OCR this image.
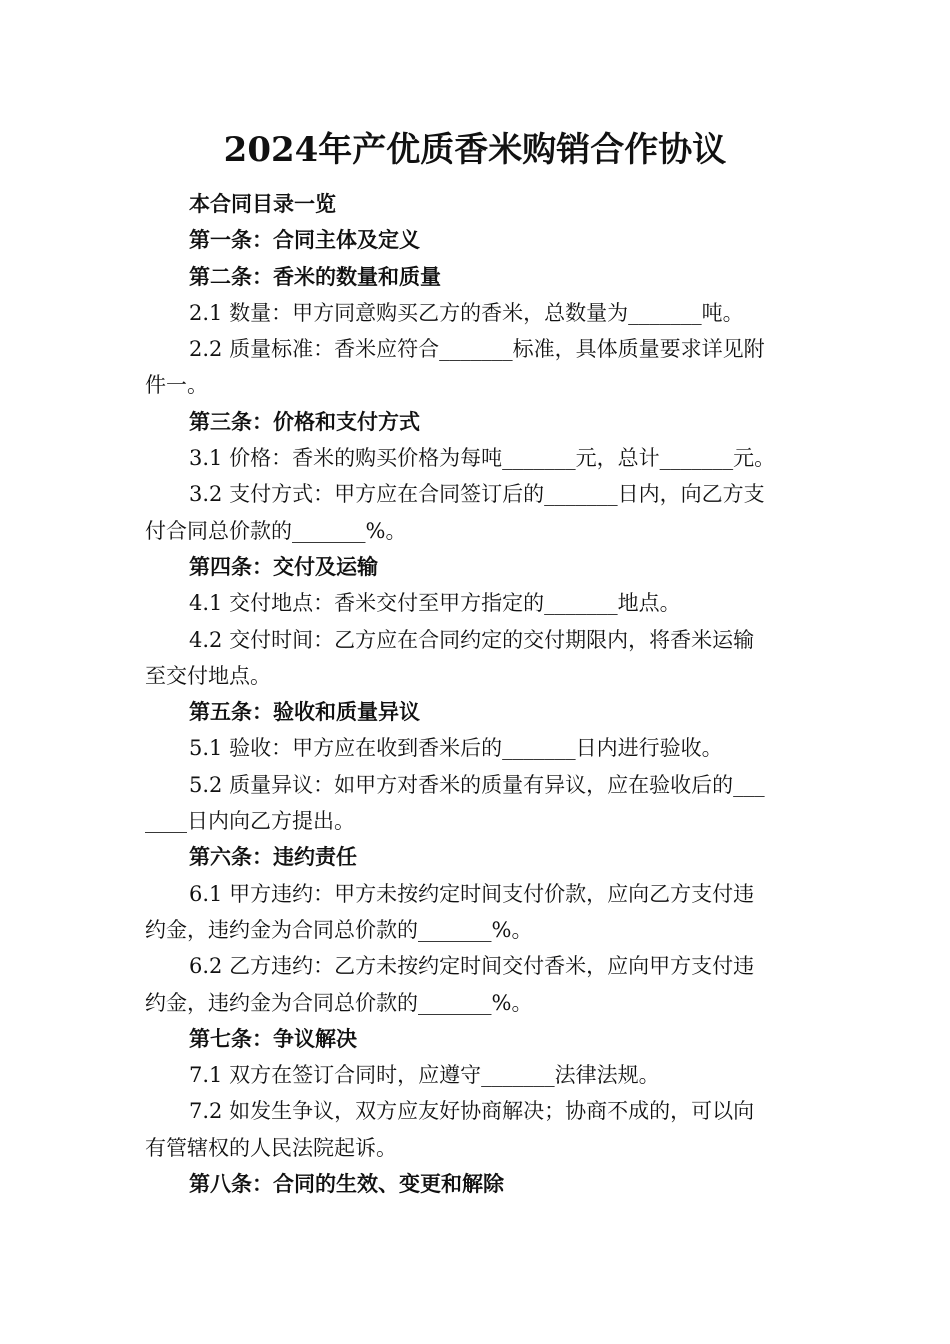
2024年产优质香米购销合作协议
本合同目录一览
第一条：合同主体及定义
第二条：香米的数量和质量
2.1 数量：甲方同意购买乙方的香米，总数量为_______吨。
2.2 质量标准：香米应符合_______标准，具体质量要求详见附
件一。
第三条：价格和支付方式
3.1 价格：香米的购买价格为每吨_______元，总计_______元。
3.2 支付方式：甲方应在合同签订后的_______日内，向乙方支
付合同总价款的_______%。
第四条：交付及运输
4.1 交付地点：香米交付至甲方指定的_______地点。
4.2 交付时间：乙方应在合同约定的交付期限内，将香米运输
至交付地点。
第五条：验收和质量异议
5.1 验收：甲方应在收到香米后的_______日内进行验收。
5.2 质量异议：如甲方对香米的质量有异议，应在验收后的___
____日内向乙方提出。
第六条：违约责任
6.1 甲方违约：甲方未按约定时间支付价款，应向乙方支付违
约金，违约金为合同总价款的_______%。
6.2 乙方违约：乙方未按约定时间交付香米，应向甲方支付违
约金，违约金为合同总价款的_______%。
第七条：争议解决
7.1 双方在签订合同时，应遵守_______法律法规。
7.2 如发生争议，双方应友好协商解决；协商不成的，可以向
有管辖权的人民法院起诉。
第八条：合同的生效、变更和解除
